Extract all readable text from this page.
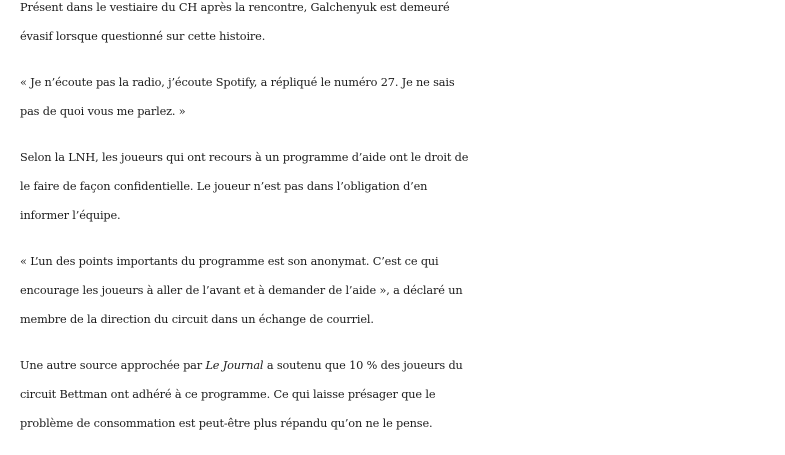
Présent dans le vestiaire du CH après la rencontre, Galchenyuk est demeuré
évasif lorsque questionné sur cette histoire.

« Je n’écoute pas la radio, j’écoute Spotify, a répliqué le numéro 27. Je ne sais
pas de quoi vous me parlez. »

Selon la LNH, les joueurs qui ont recours à un programme d’aide ont le droit de
le faire de façon confidentielle. Le joueur n’est pas dans l’obligation d’en
informer l’équipe.

« L’un des points importants du programme est son anonymat. C’est ce qui
encourage les joueurs à aller de l’avant et à demander de l’aide », a déclaré un
membre de la direction du circuit dans un échange de courriel.

Une autre source approchée par Le Journal a soutenu que 10 % des joueurs du
circuit Bettman ont adhéré à ce programme. Ce qui laisse présager que le
problème de consommation est peut-être plus répandu qu’on ne le pense.
